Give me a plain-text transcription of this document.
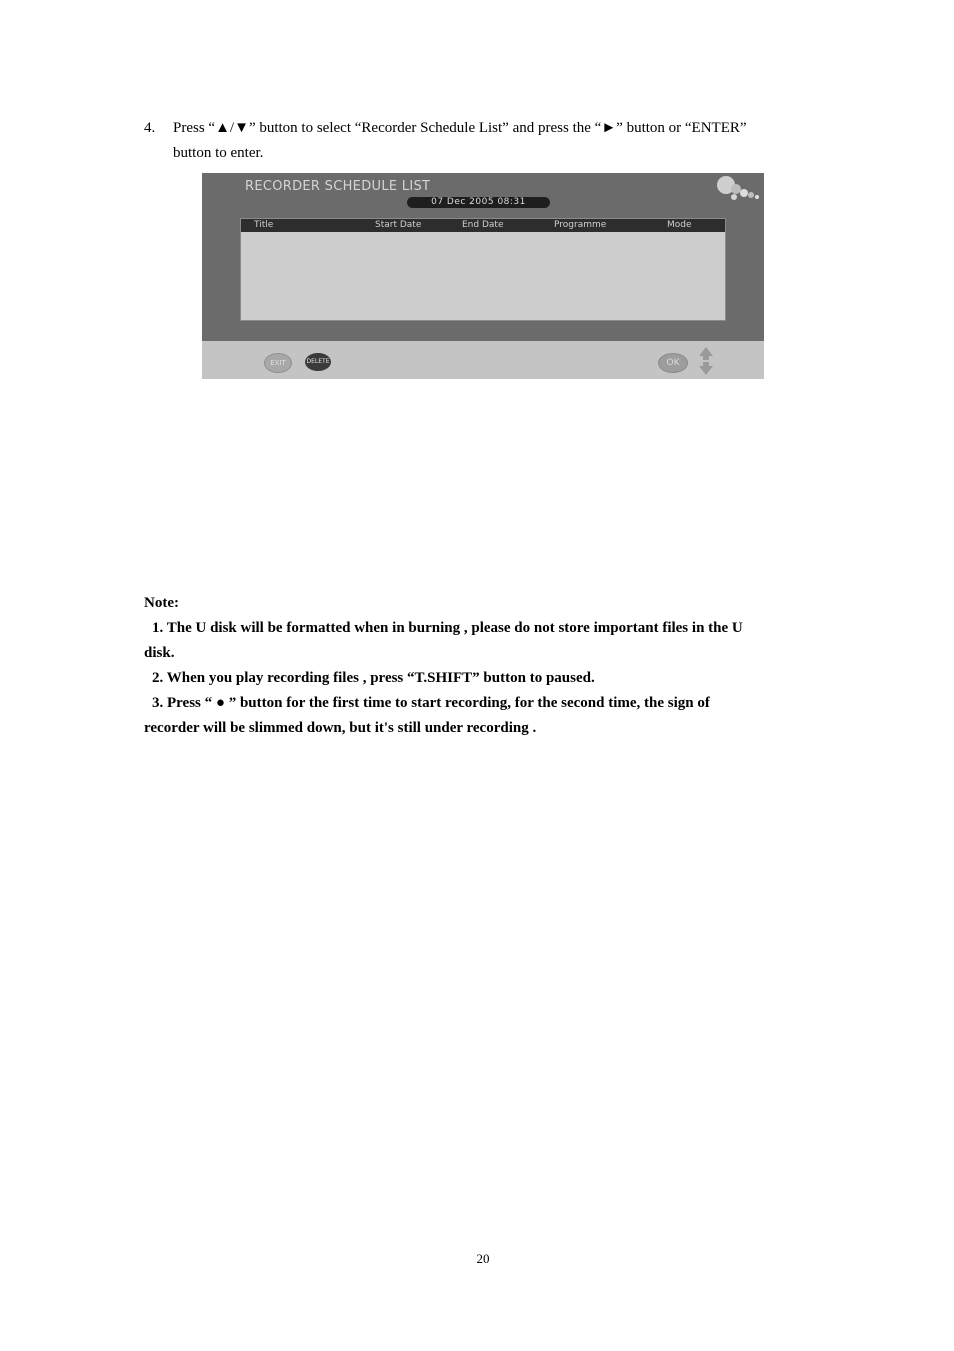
4. Press “▲/▼” button to select “Recorder Schedule List” and press the “►” button or “ENTER”
button to enter.
RECORDER SCHEDULE LIST
07 Dec 2005 08:31
Title	Start Date	End Date	Programme	Mode
EXIT	DELETE	OK
Note:
1. The U disk will be formatted when in burning , please do not store important files in the U
disk.
2. When you play recording files , press “T.SHIFT” button to paused.
3. Press “ ● ” button for the first time to start recording, for the second time, the sign of
recorder will be slimmed down, but it's still under recording .
20
